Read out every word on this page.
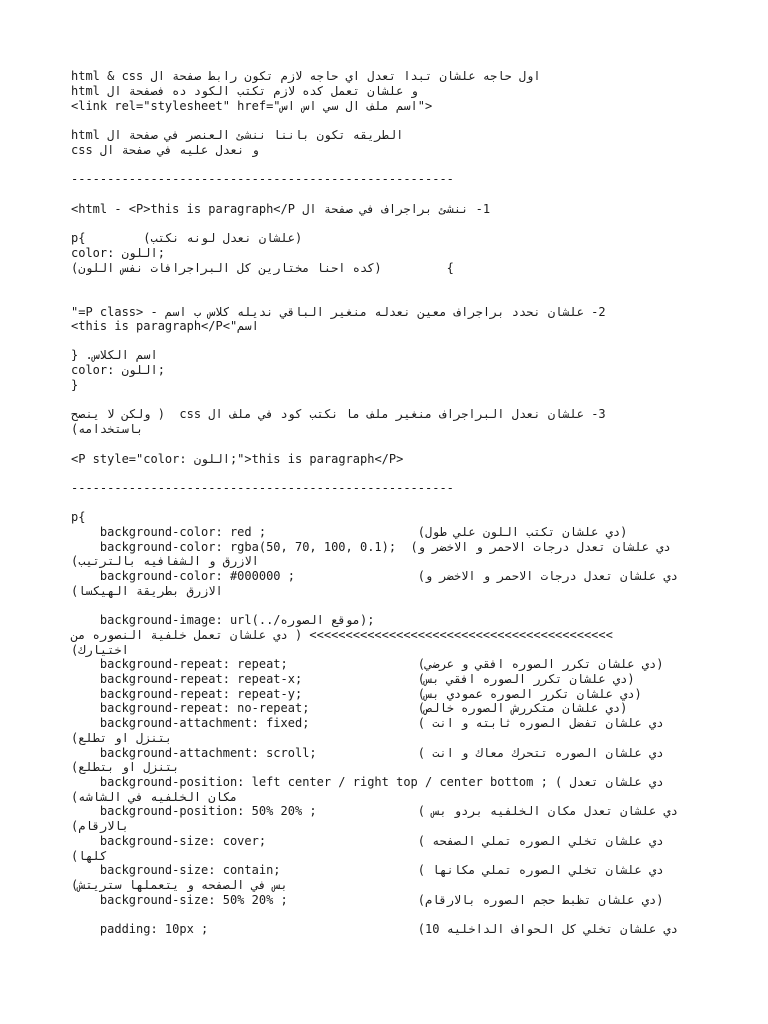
اول حاجه علشان تبدا تعدل اي حاجه لازم تكون رابط صفحة ال html & css
و علشان تعمل كده لازم تكتب الكود ده فصفحة ال html
<link rel="stylesheet" href="اسم ملف ال سي اس اس">
الطريقه تكون باننا ننشئ العنصر في صفحة ال html
و نعدل عليه في صفحة ال css
-----------------------------------------------------
1- ننشئ براجراف في صفحة ال html - <P>this is paragraph</P>
p{        (علشان نعدل لونه نكتب)
color: اللون;
}         (كده احنا مختارين كل البراجرافات نفس اللون)
2- علشان نحدد براجراف معين نعدله منغير الباقي نديله كلاس ب اسم - <P class="
اسم">this is paragraph</P>
اسم الكلاس. {
color: اللون;
}
3- علشان نعدل البراجراف منغير ملف ما نكتب كود في ملف ال css  ( ولكن لا ينصح
باستخدامه)
<P style="color: اللون;">this is paragraph</P>
-----------------------------------------------------
p{
background-color: red ;                     (دي علشان تكتب اللون علي طول)
background-color: rgba(50, 70, 100, 0.1);  (دي علشان تعدل درجات الاحمر و الاخضر و
الازرق و الشفافيه بالترتيب)
background-color: #000000 ;                 (دي علشان تعدل درجات الاحمر و الاخضر و
الازرق بطريقة الهيكسا)
background-image: url(../موقع الصوره);
>>>>>>>>>>>>>>>>>>>>>>>>>>>>>>>>>>>>>>>>>> ( دي علشان تعمل خلفية النصوره من
اختيارك)
background-repeat: repeat;                  (دي علشان تكرر الصوره افقي و عرضي)
background-repeat: repeat-x;                (دي علشان تكرر الصوره افقي بس)
background-repeat: repeat-y;                (دي علشان تكرر الصوره عمودي بس)
background-repeat: no-repeat;               (دي علشان متكررش الصوره خالص)
background-attachment: fixed;               ( دي علشان تفضل الصوره ثابته و انت
بتنزل او تطلع)
background-attachment: scroll;              ( دي علشان الصوره تتحرك معاك و انت
بتنزل او بتطلع)
background-position: left center / right top / center bottom ; ( دي علشان تعدل
مكان الخلفيه في الشاشه)
background-position: 50% 20% ;              ( دي علشان تعدل مكان الخلفيه بردو بس
بالارقام)
background-size: cover;                     ( دي علشان تخلي الصوره تملي الصفحه
كلها)
background-size: contain;                   ( دي علشان تخلي الصوره تملي مكانها
بس في الصفحه و يتعملها ستريتش)
background-size: 50% 20% ;                  (دي علشان تظبط حجم الصوره بالارقام)
padding: 10px ;                             (دي علشان تخلي كل الحواف الداخليه 10
